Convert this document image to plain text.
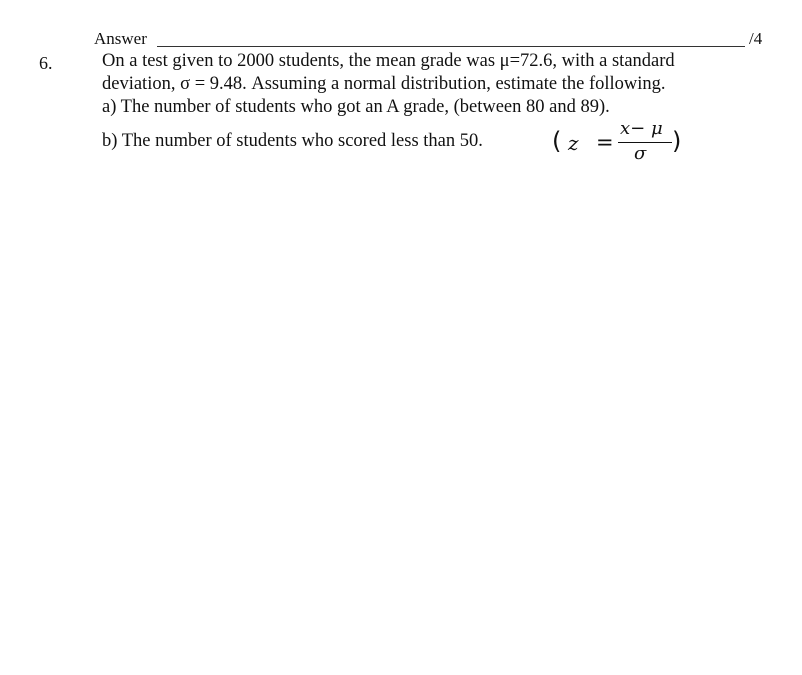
Answer	/4
6.	On a test given to 2000 students, the mean grade was μ=72.6, with a standard
deviation, σ = 9.48. Assuming a normal distribution, estimate the following.
a) The number of students who got an A grade, (between 80 and 89).
b) The number of students who scored less than 50.	( z =
x− μ
σ )
